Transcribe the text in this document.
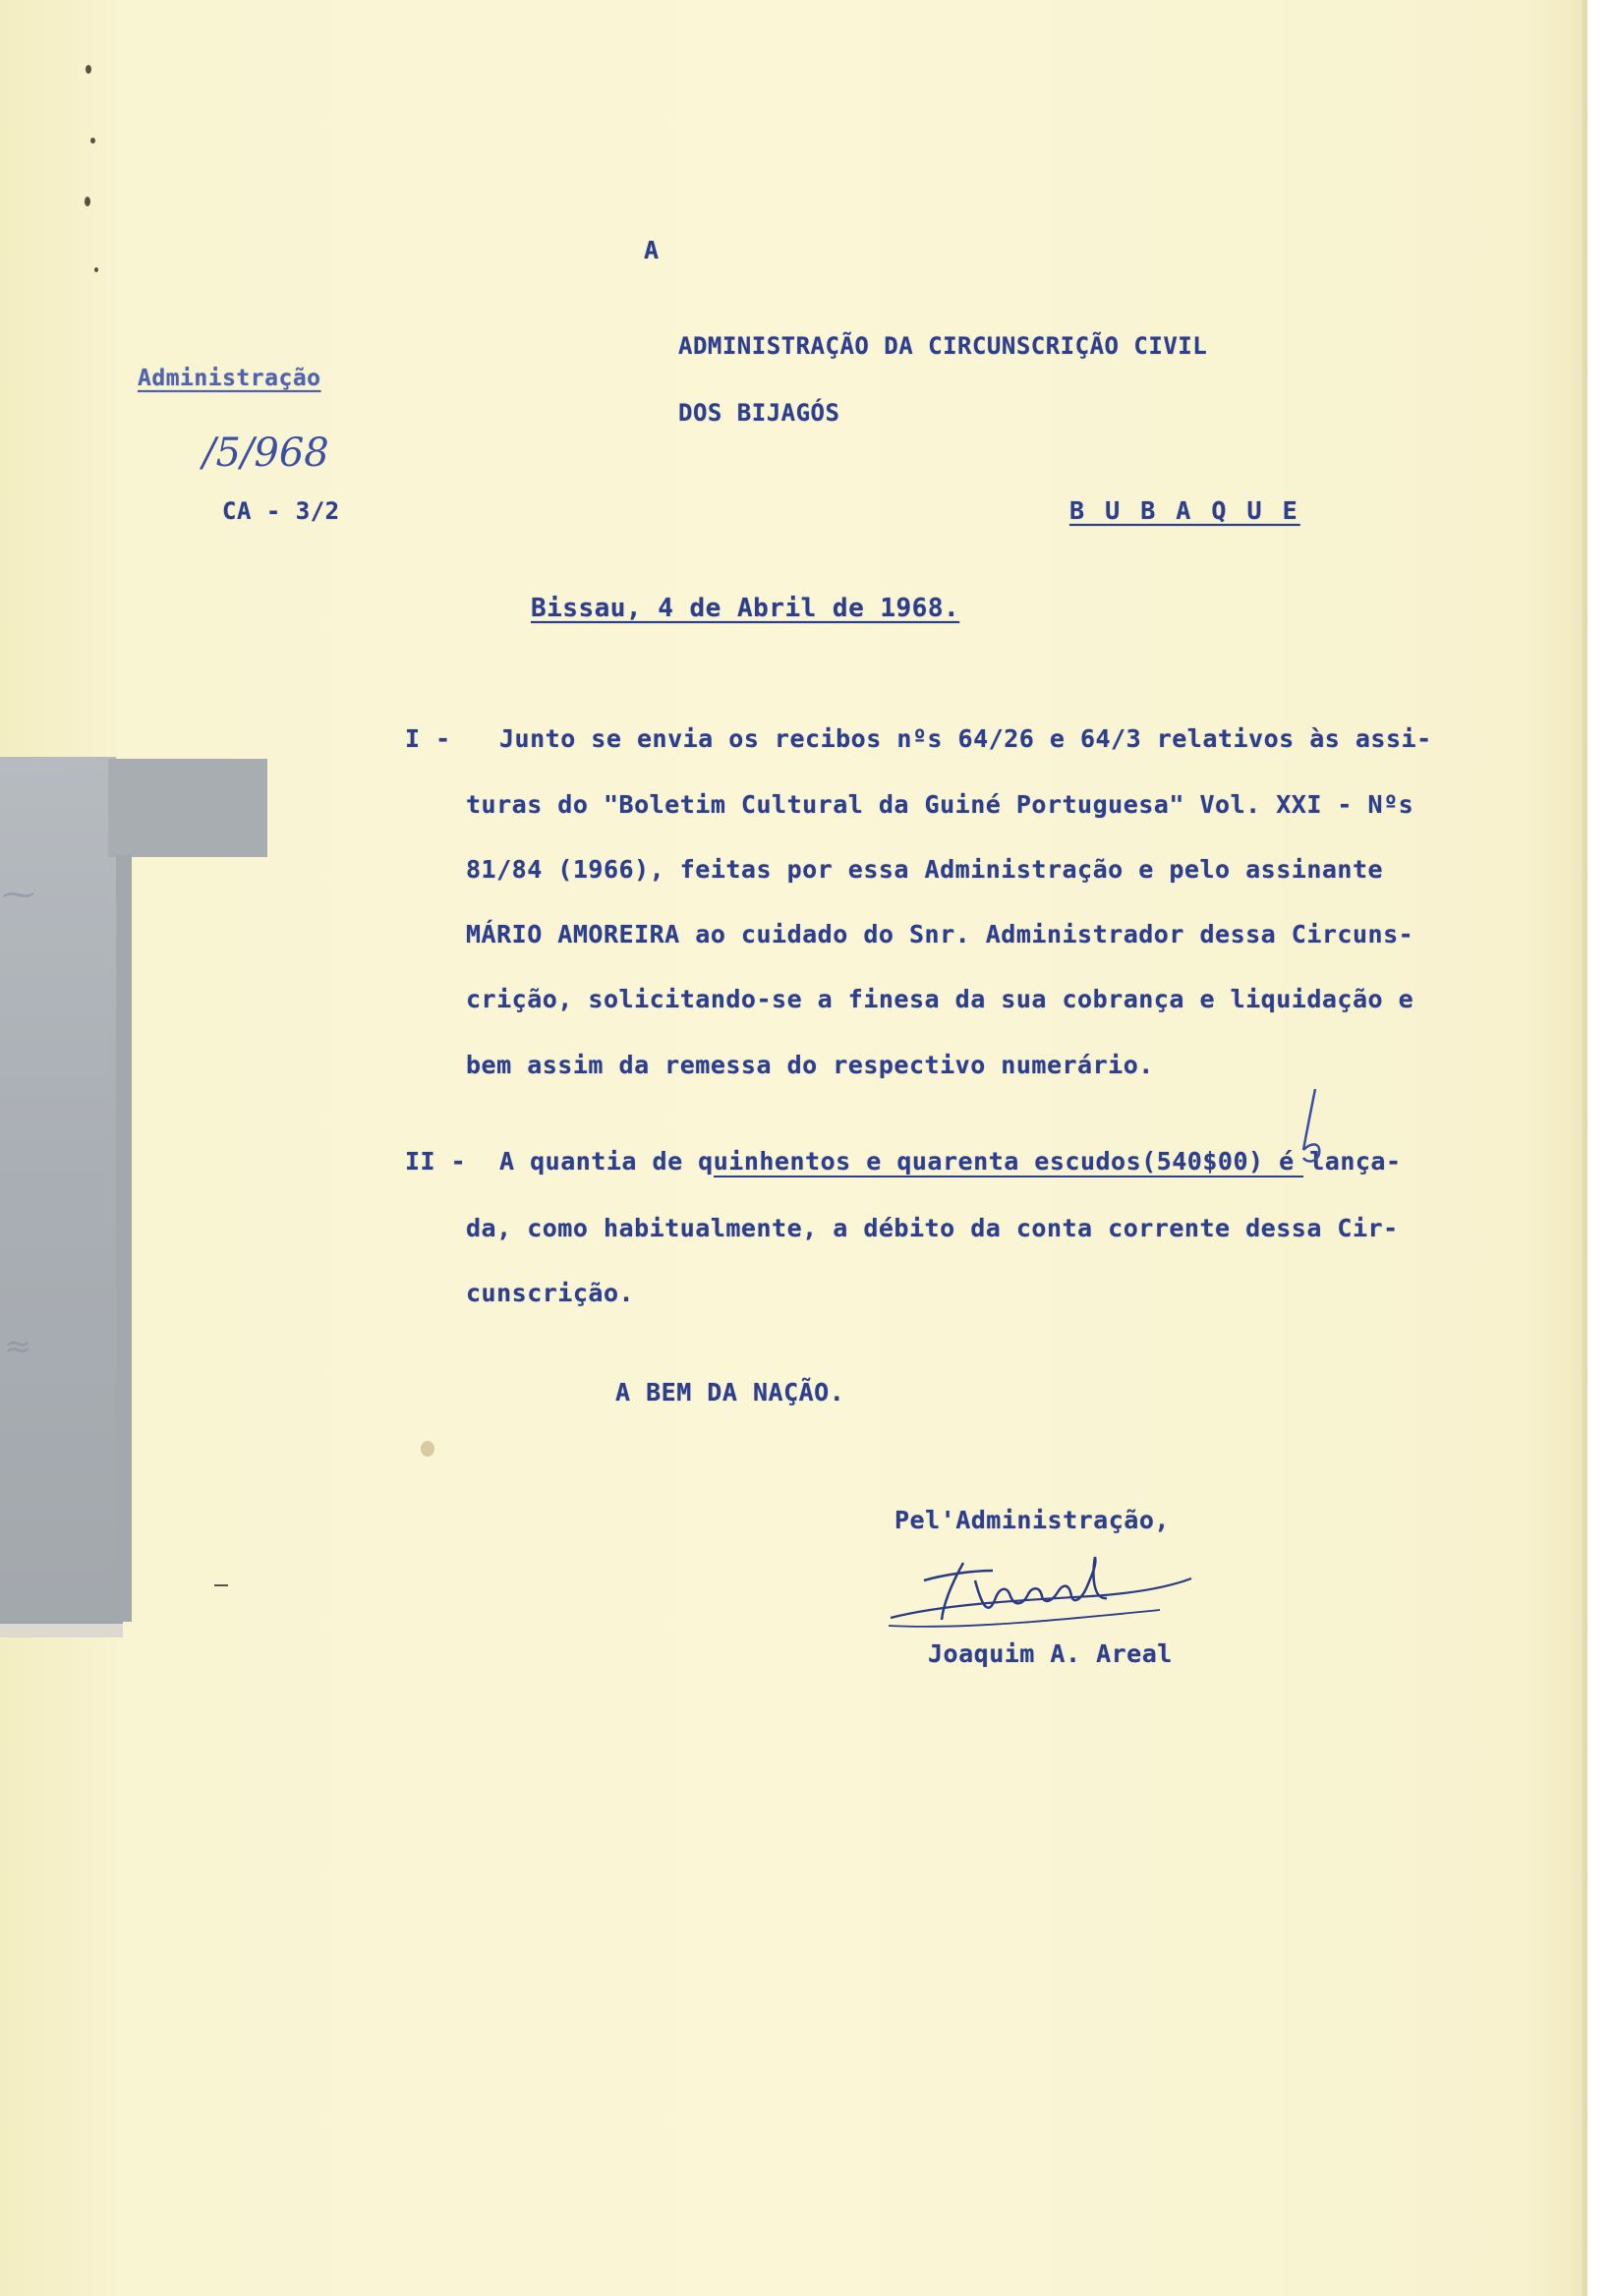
⁓
≈
A
ADMINISTRAÇÃO DA CIRCUNSCRIÇÃO CIVIL
DOS BIJAGÓS
B U B A Q U E
Administração
/5/968
CA - 3/2
Bissau, 4 de Abril de 1968.
I - Junto se envia os recibos nºs 64/26 e 64/3 relativos às assi-
turas do "Boletim Cultural da Guiné Portuguesa" Vol. XXI - Nºs
81/84 (1966), feitas por essa Administração e pelo assinante
MÁRIO AMOREIRA ao cuidado do Snr. Administrador dessa Circuns-
crição, solicitando-se a finesa da sua cobrança e liquidação e
bem assim da remessa do respectivo numerário.
II - A quantia de quinhentos e quarenta escudos(540$00) é lança-
da, como habitualmente, a débito da conta corrente dessa Cir-
cunscrição.
A BEM DA NAÇÃO.
Pel'Administração,
Joaquim A. Areal
